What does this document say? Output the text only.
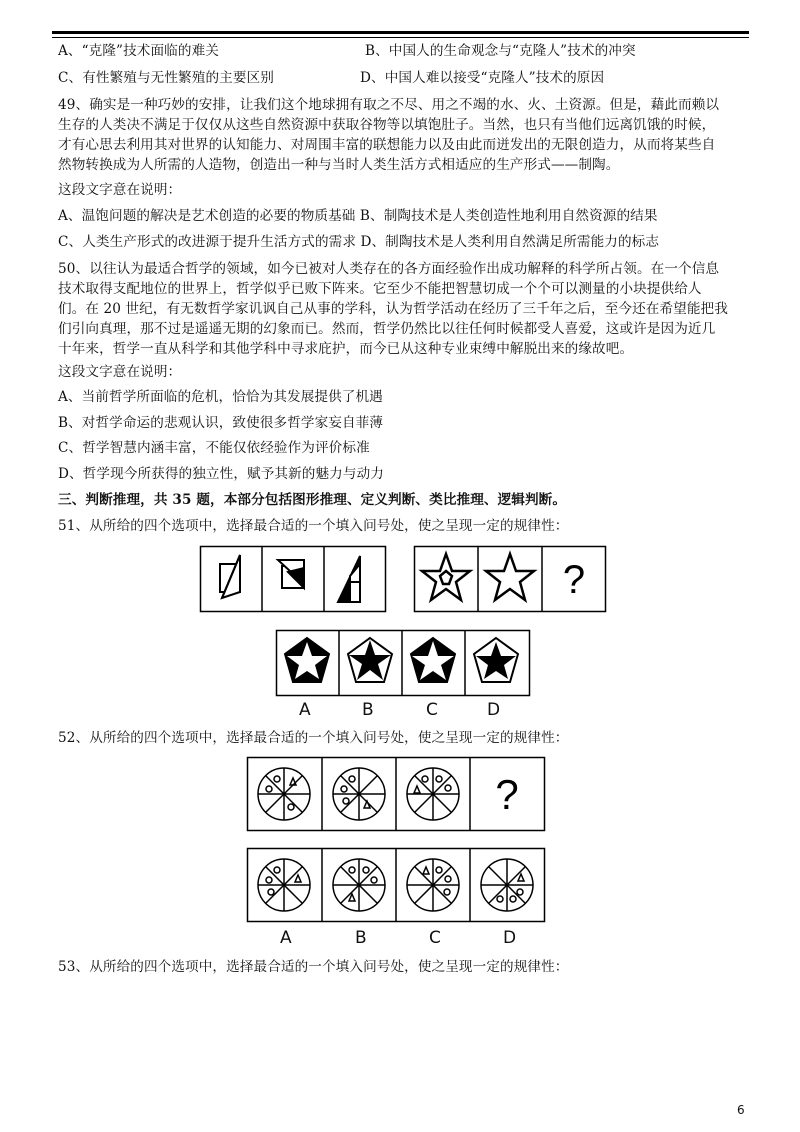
A、“克隆”技术面临的难关	B、中国人的生命观念与“克隆人”技术的冲突
C、有性繁殖与无性繁殖的主要区别	D、中国人难以接受“克隆人”技术的原因
49、确实是一种巧妙的安排，让我们这个地球拥有取之不尽、用之不竭的水、火、土资源。但是，藉此而赖以
生存的人类决不满足于仅仅从这些自然资源中获取谷物等以填饱肚子。当然，也只有当他们远离饥饿的时候，
才有心思去利用其对世界的认知能力、对周围丰富的联想能力以及由此而迸发出的无限创造力，从而将某些自
然物转换成为人所需的人造物，创造出一种与当时人类生活方式相适应的生产形式——制陶。
这段文字意在说明：
A、温饱问题的解决是艺术创造的必要的物质基础 B、制陶技术是人类创造性地利用自然资源的结果
C、人类生产形式的改进源于提升生活方式的需求 D、制陶技术是人类利用自然满足所需能力的标志
50、以往认为最适合哲学的领域，如今已被对人类存在的各方面经验作出成功解释的科学所占领。在一个信息
技术取得支配地位的世界上，哲学似乎已败下阵来。它至少不能把智慧切成一个个可以测量的小块提供给人
们。在 20 世纪，有无数哲学家讥讽自己从事的学科，认为哲学活动在经历了三千年之后，至今还在希望能把我
们引向真理，那不过是遥遥无期的幻象而已。然而，哲学仍然比以往任何时候都受人喜爱，这或许是因为近几
十年来，哲学一直从科学和其他学科中寻求庇护，而今已从这种专业束缚中解脱出来的缘故吧。
这段文字意在说明：
A、当前哲学所面临的危机，恰恰为其发展提供了机遇
B、对哲学命运的悲观认识，致使很多哲学家妄自菲薄
C、哲学智慧内涵丰富，不能仅依经验作为评价标准
D、哲学现今所获得的独立性，赋予其新的魅力与动力
三、判断推理，共 35 题，本部分包括图形推理、定义判断、类比推理、逻辑判断。
51、从所给的四个选项中，选择最合适的一个填入问号处，使之呈现一定的规律性：
?
A	B	C	D
52、从所给的四个选项中，选择最合适的一个填入问号处，使之呈现一定的规律性：
?
A	B	C	D
53、从所给的四个选项中，选择最合适的一个填入问号处，使之呈现一定的规律性：
6
